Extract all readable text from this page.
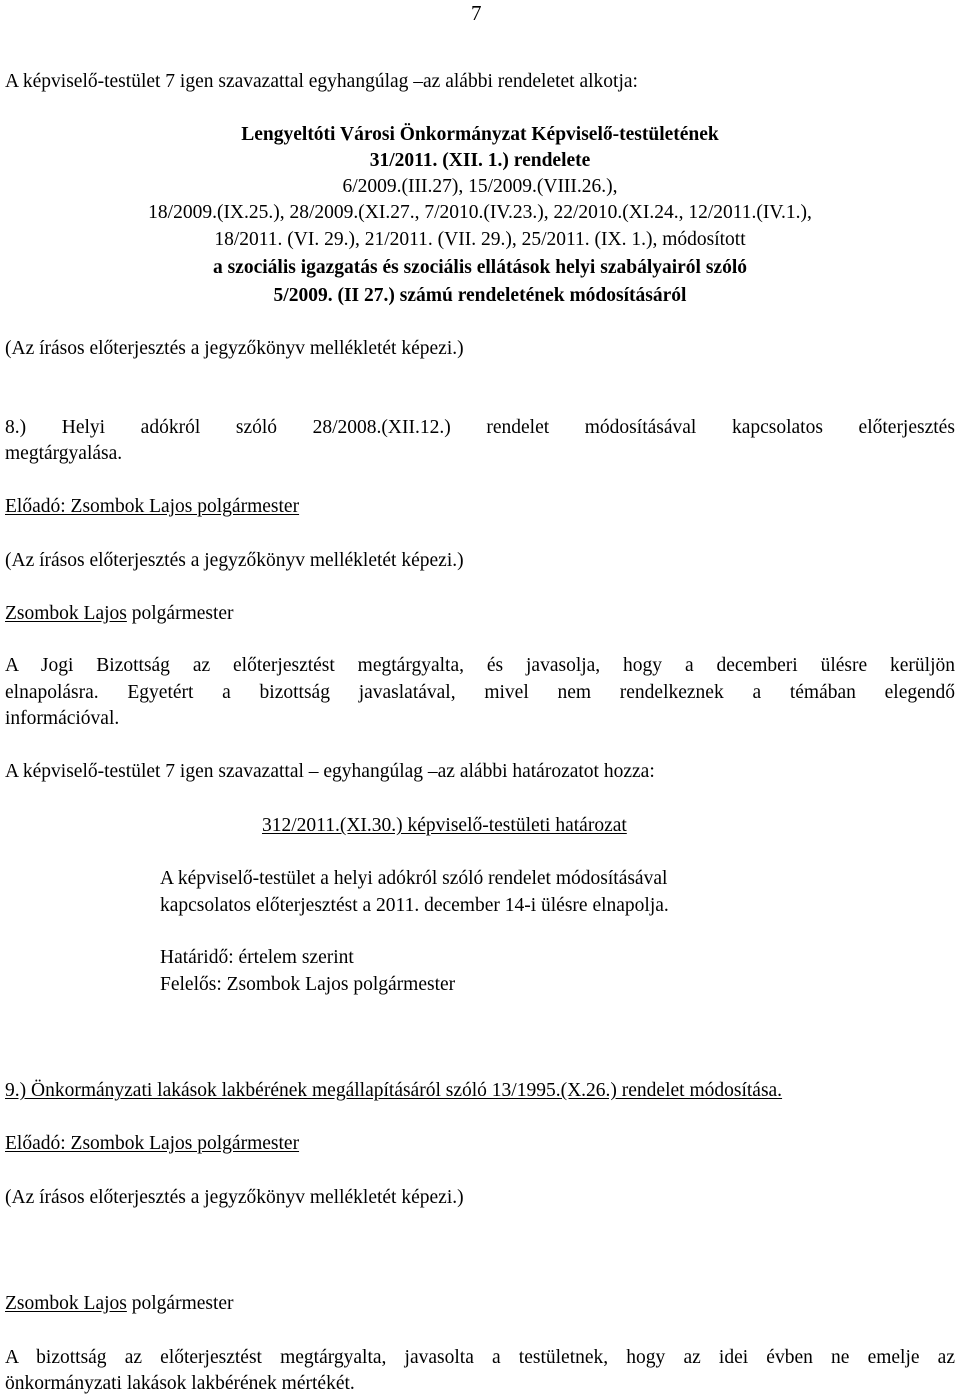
7
A képviselő-testület 7 igen szavazattal egyhangúlag –az alábbi rendeletet alkotja:
Lengyeltóti Városi Önkormányzat Képviselő-testületének
31/2011. (XII. 1.) rendelete
6/2009.(III.27), 15/2009.(VIII.26.),
18/2009.(IX.25.), 28/2009.(XI.27., 7/2010.(IV.23.), 22/2010.(XI.24., 12/2011.(IV.1.),
18/2011. (VI. 29.), 21/2011. (VII. 29.), 25/2011. (IX. 1.), módosított
a szociális igazgatás és szociális ellátások helyi szabályairól szóló
5/2009. (II 27.) számú rendeletének módosításáról
(Az írásos előterjesztés a jegyzőkönyv mellékletét képezi.)
8.) Helyi adókról szóló 28/2008.(XII.12.) rendelet módosításával kapcsolatos előterjesztés
megtárgyalása.
Előadó: Zsombok Lajos polgármester
(Az írásos előterjesztés a jegyzőkönyv mellékletét képezi.)
Zsombok Lajos polgármester
A Jogi Bizottság az előterjesztést megtárgyalta, és javasolja, hogy a decemberi ülésre kerüljön
elnapolásra. Egyetért a bizottság javaslatával, mivel nem rendelkeznek a témában elegendő
információval.
A képviselő-testület 7 igen szavazattal – egyhangúlag –az alábbi határozatot hozza:
312/2011.(XI.30.) képviselő-testületi határozat
A képviselő-testület a helyi adókról szóló rendelet módosításával
kapcsolatos előterjesztést a 2011. december 14-i ülésre elnapolja.
Határidő: értelem szerint
Felelős: Zsombok Lajos polgármester
9.) Önkormányzati lakások lakbérének megállapításáról szóló 13/1995.(X.26.) rendelet módosítása.
Előadó: Zsombok Lajos polgármester
(Az írásos előterjesztés a jegyzőkönyv mellékletét képezi.)
Zsombok Lajos polgármester
A bizottság az előterjesztést megtárgyalta, javasolta a testületnek, hogy az idei évben ne emelje az
önkormányzati lakások lakbérének mértékét.
